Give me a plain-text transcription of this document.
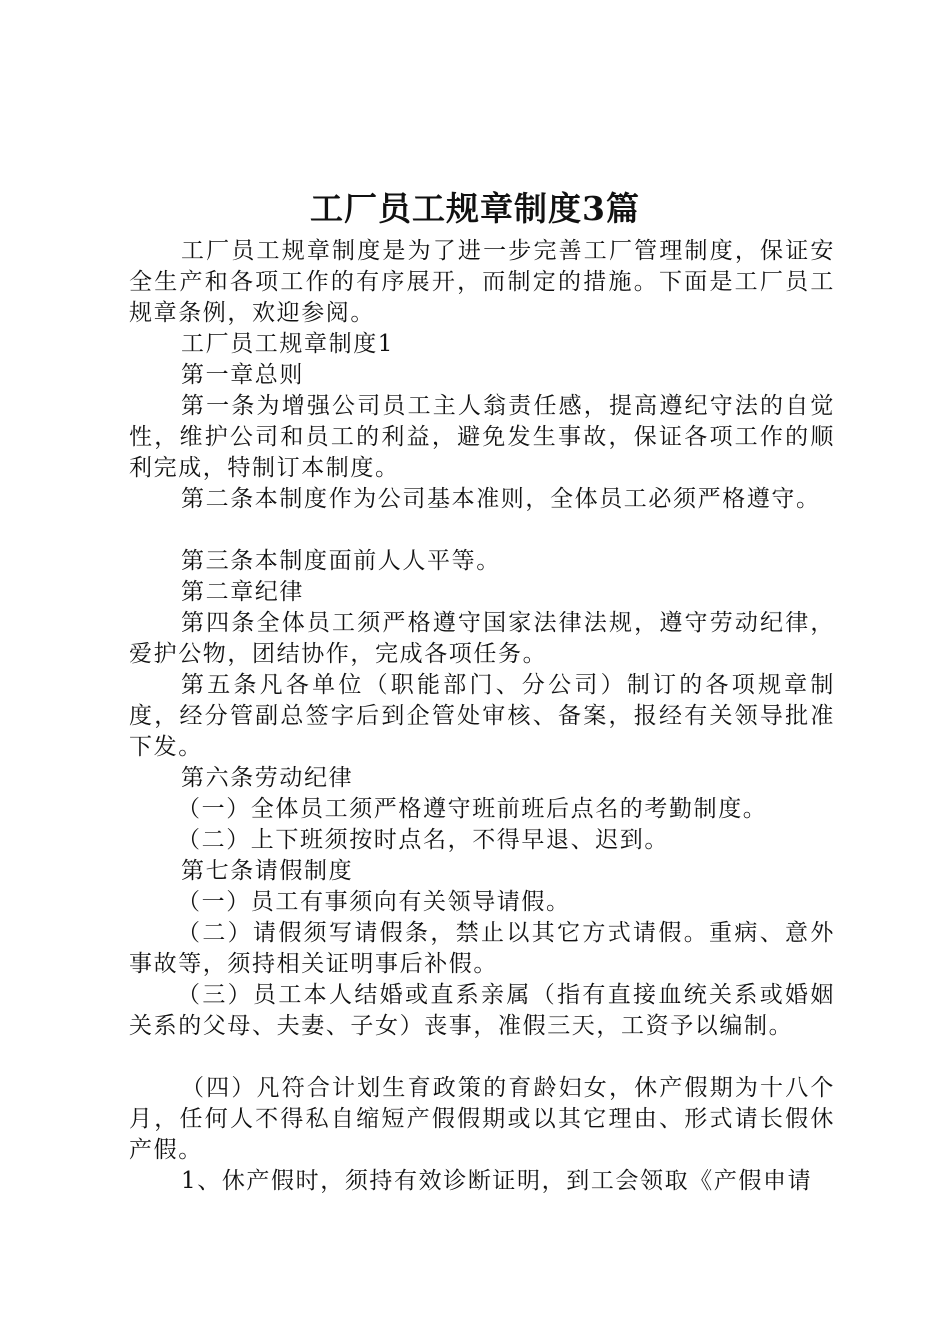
工厂员工规章制度3篇

工厂员工规章制度是为了进一步完善工厂管理制度，保证安全生产和各项工作的有序展开，而制定的措施。下面是工厂员工规章条例，欢迎参阅。

工厂员工规章制度1

第一章总则

第一条为增强公司员工主人翁责任感，提高遵纪守法的自觉性，维护公司和员工的利益，避免发生事故，保证各项工作的顺利完成，特制订本制度。

第二条本制度作为公司基本准则，全体员工必须严格遵守。

第三条本制度面前人人平等。

第二章纪律

第四条全体员工须严格遵守国家法律法规，遵守劳动纪律，爱护公物，团结协作，完成各项任务。

第五条凡各单位（职能部门、分公司）制订的各项规章制度，经分管副总签字后到企管处审核、备案，报经有关领导批准下发。

第六条劳动纪律

（一）全体员工须严格遵守班前班后点名的考勤制度。

（二）上下班须按时点名，不得早退、迟到。

第七条请假制度

（一）员工有事须向有关领导请假。

（二）请假须写请假条，禁止以其它方式请假。重病、意外事故等，须持相关证明事后补假。

（三）员工本人结婚或直系亲属（指有直接血统关系或婚姻关系的父母、夫妻、子女）丧事，准假三天，工资予以编制。

（四）凡符合计划生育政策的育龄妇女，休产假期为十八个月，任何人不得私自缩短产假假期或以其它理由、形式请长假休产假。

1、休产假时，须持有效诊断证明，到工会领取《产假申请
